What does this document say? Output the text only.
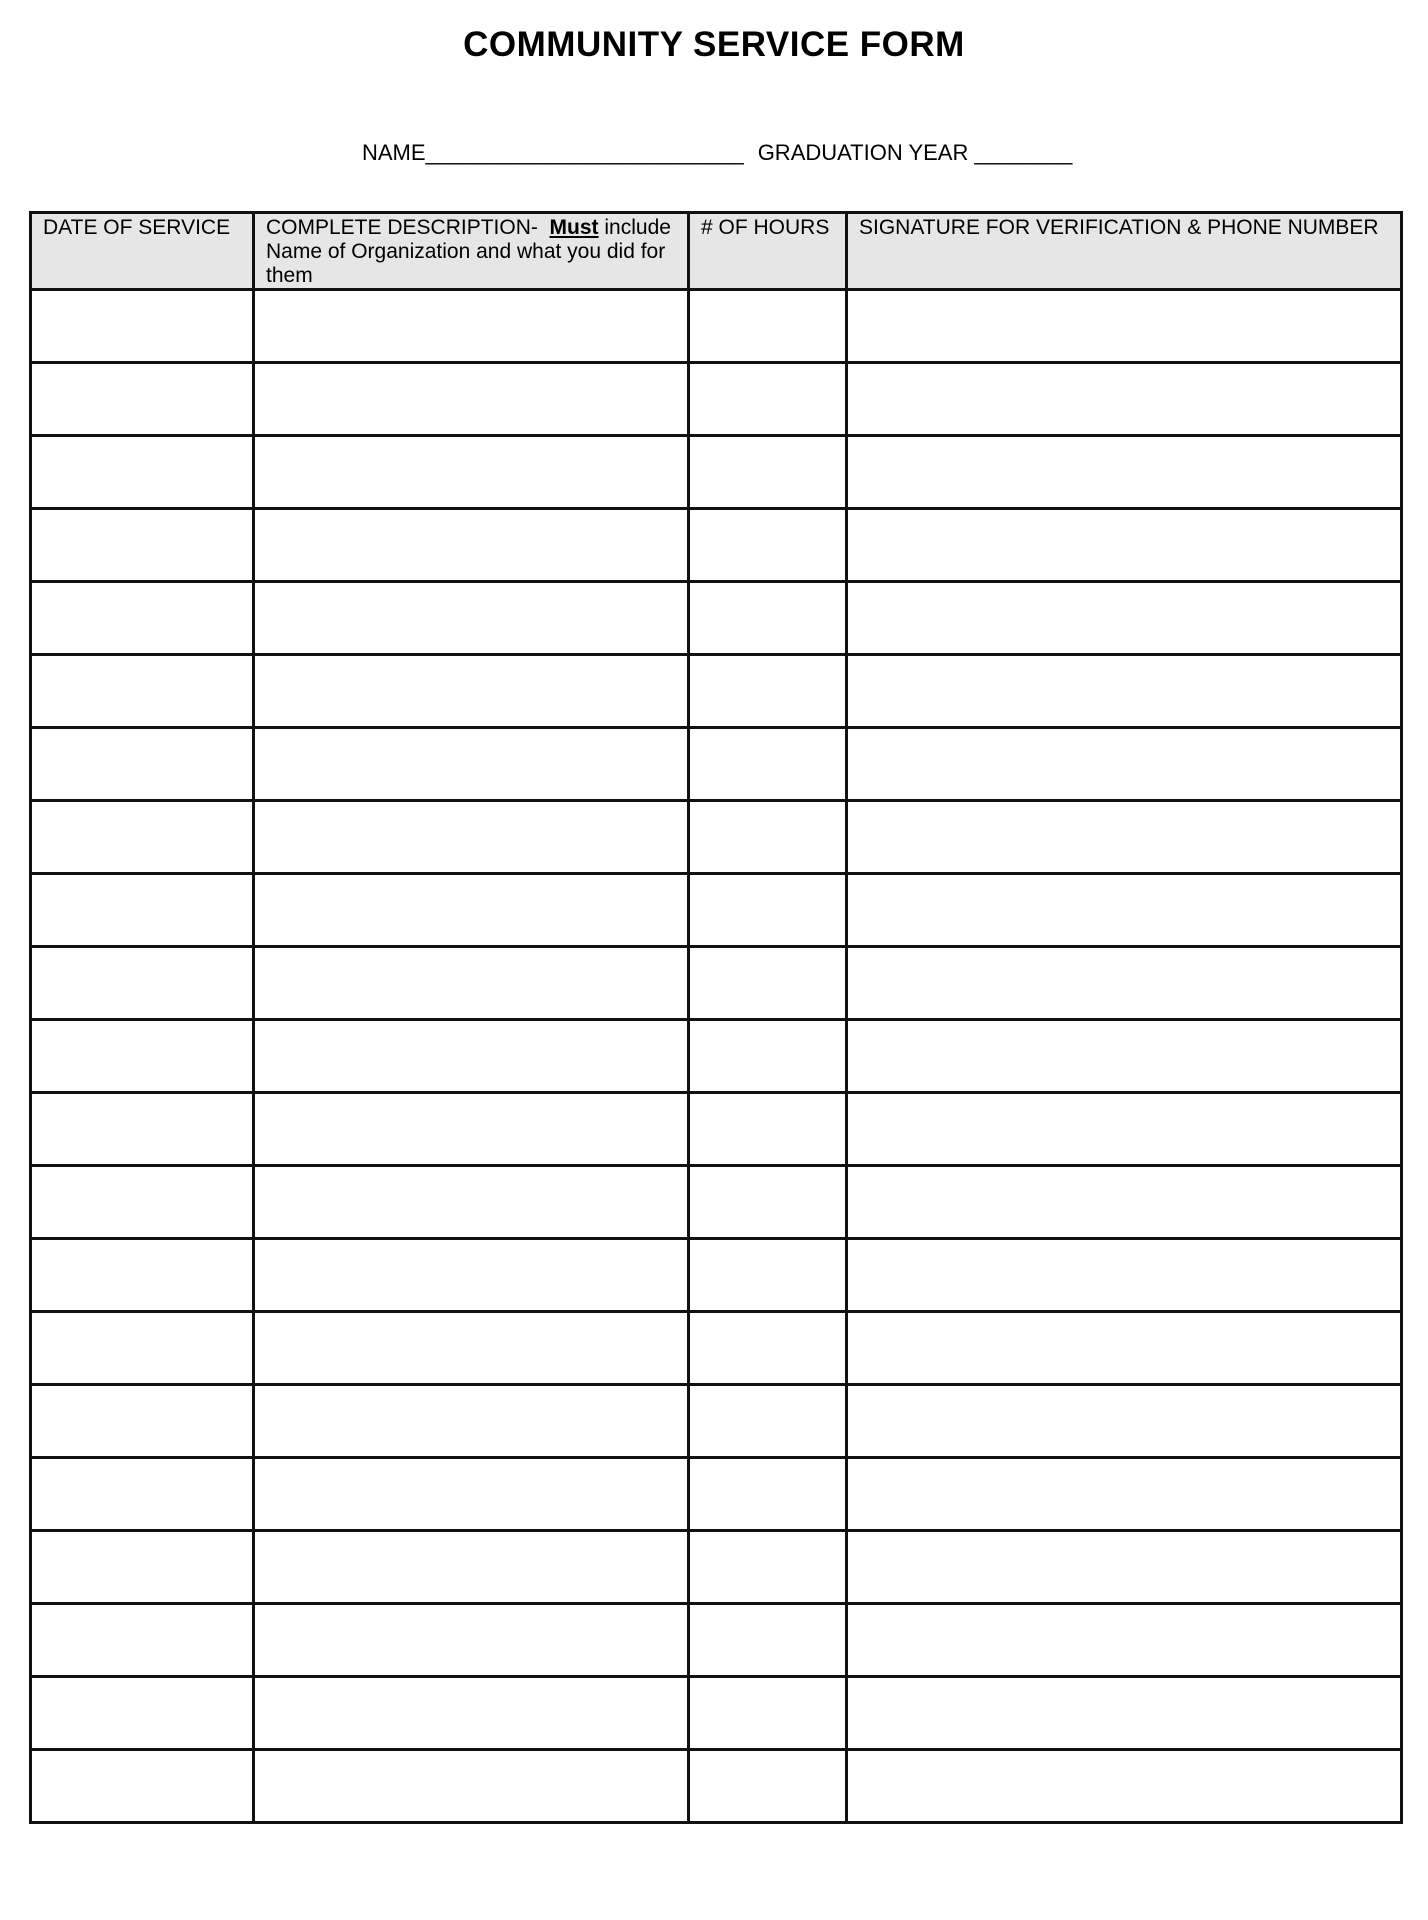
COMMUNITY SERVICE FORM
NAME__________________________ GRADUATION YEAR ________
DATE OF SERVICE	COMPLETE DESCRIPTION- Must include Name of Organization and what you did for them	# OF HOURS	SIGNATURE FOR VERIFICATION & PHONE NUMBER
